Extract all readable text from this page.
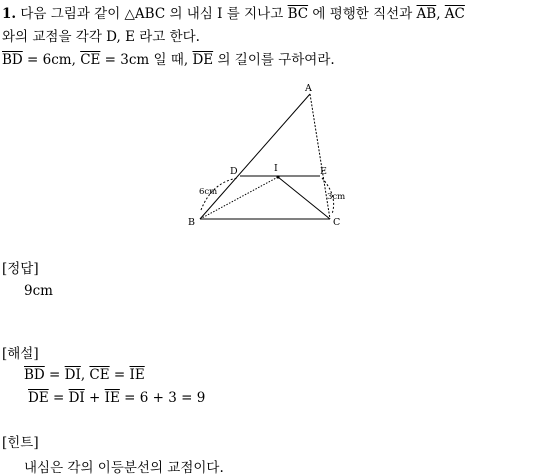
1. 다음 그림과 같이 △ABC 의 내심 I 를 지나고 $\overline{BC}$ 에 평행한 직선과 $\overline{AB}$, $\overline{AC}$
와의 교점을 각각 D, E 라고 한다.
$\overline{BD} = 6cm$, $\overline{CE} = 3cm$ 일 때, $\overline{DE}$ 의 길이를 구하여라.
A
B	C
D	E
I
6cm	3cm
[정답]
9cm
[해설]
$\overline{BD} = \overline{DI}$, $\overline{CE} = \overline{IE}$
$\overline{DE} = \overline{DI} + \overline{IE} = 6 + 3 = 9$
[힌트]
내심은 각의 이등분선의 교점이다.
